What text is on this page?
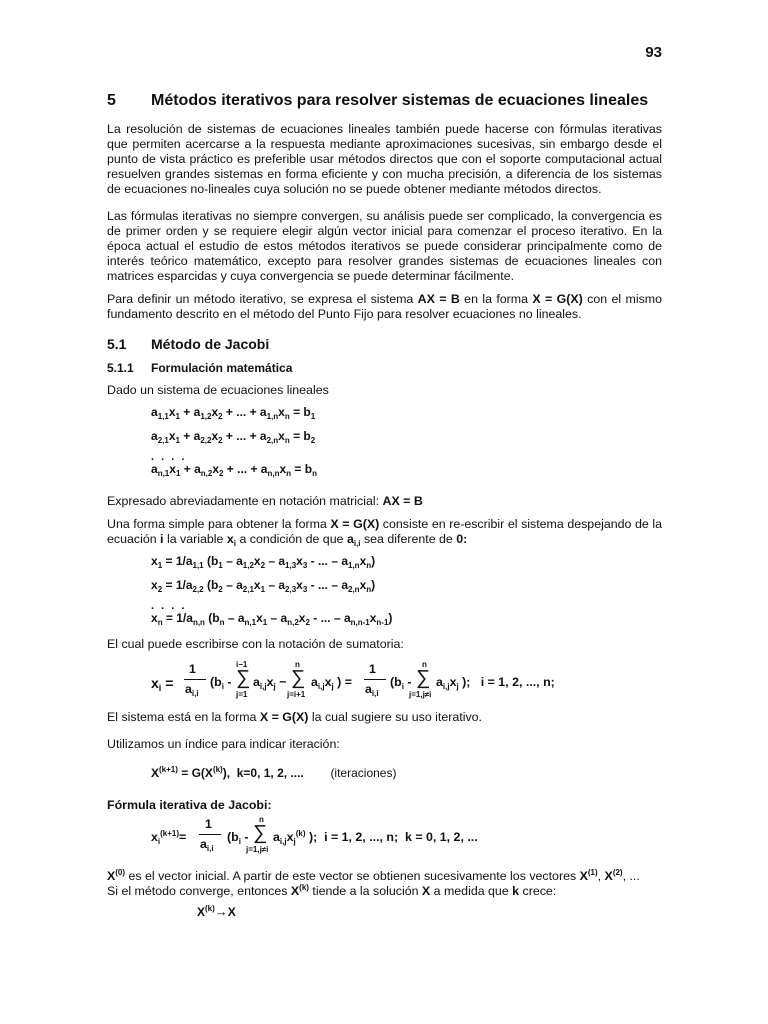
93
5	Métodos iterativos para resolver sistemas de ecuaciones lineales

La resolución de sistemas de ecuaciones lineales también puede hacerse con fórmulas iterativas que permiten acercarse a la respuesta mediante aproximaciones sucesivas, sin embargo desde el punto de vista práctico es preferible usar métodos directos que con el soporte computacional actual resuelven grandes sistemas en forma eficiente y con mucha precisión, a diferencia de los sistemas de ecuaciones no-lineales cuya solución no se puede obtener mediante métodos directos.

Las fórmulas iterativas no siempre convergen, su análisis puede ser complicado, la convergencia es de primer orden y se requiere elegir algún vector inicial para comenzar el proceso iterativo. En la época actual el estudio de estos métodos iterativos se puede considerar principalmente como de interés teórico matemático, excepto para resolver grandes sistemas de ecuaciones lineales con matrices esparcidas y cuya convergencia se puede determinar fácilmente.

Para definir un método iterativo, se expresa el sistema AX = B en la forma X = G(X) con el mismo fundamento descrito en el método del Punto Fijo para resolver ecuaciones no lineales.

5.1	Método de Jacobi
5.1.1	Formulación matemática

Dado un sistema de ecuaciones lineales

$a_{1,1}x_1 + a_{1,2}x_2$ + ... + $a_{1,n}x_n = b_1$
$a_{2,1}x_1 + a_{2,2}x_2$ + ... + $a_{2,n}x_n = b_2$
. . . .
$a_{n,1}x_1 + a_{n,2}x_2$ + ... + $a_{n,n}x_n = b_n$

Expresado abreviadamente en notación matricial: AX = B

Una forma simple para obtener la forma X = G(X) consiste en re-escribir el sistema despejando de la ecuación i la variable $x_i$ a condición de que $a_{i,i}$ sea diferente de 0:

$x_1 = 1/a_{1,1}$ ($b_1 - a_{1,2}x_2 - a_{1,3}x_3$ - ... – $a_{1,n}x_n$)
$x_2 = 1/a_{2,2}$ ($b_2 - a_{2,1}x_1 - a_{2,3}x_3$ - ... – $a_{2,n}x_n$)
. . . .
$x_n = 1/a_{n,n}$ ($b_n - a_{n,1}x_1 - a_{n,2}x_2$ - ... – $a_{n,n-1}x_{n-1}$)

El cual puede escribirse con la notación de sumatoria:

$x_i$ =
1
$a_{i,i}$
($b_i$ -
i−1
∑
j=1
$a_{i,j}x_j$ −
n
∑
j=i+1
$a_{i,j}x_j$ ) =
1
$a_{i,i}$
($b_i$ -
n
∑
j=1,j≠i
$a_{i,j}x_j$ );   i = 1, 2, ..., n;

El sistema está en la forma X = G(X) la cual sugiere su uso iterativo.

Utilizamos un índice para indicar iteración:

$X^{(k+1)} = G(X^{(k)})$,  k=0, 1, 2, ....        (iteraciones)

Fórmula iterativa de Jacobi:

$x_i^{(k+1)}=$
1
$a_{i,i}$
($b_i$ -
n
∑
j=1,j≠i
$a_{i,j}x_j^{(k)}$ );  i = 1, 2, ..., n;  k = 0, 1, 2, ...

$X^{(0)}$ es el vector inicial. A partir de este vector se obtienen sucesivamente los vectores $X^{(1)}$, $X^{(2)}$, ...

Si el método converge, entonces $X^{(k)}$ tiende a la solución X a medida que k crece:

$X^{(k)}\to X$
